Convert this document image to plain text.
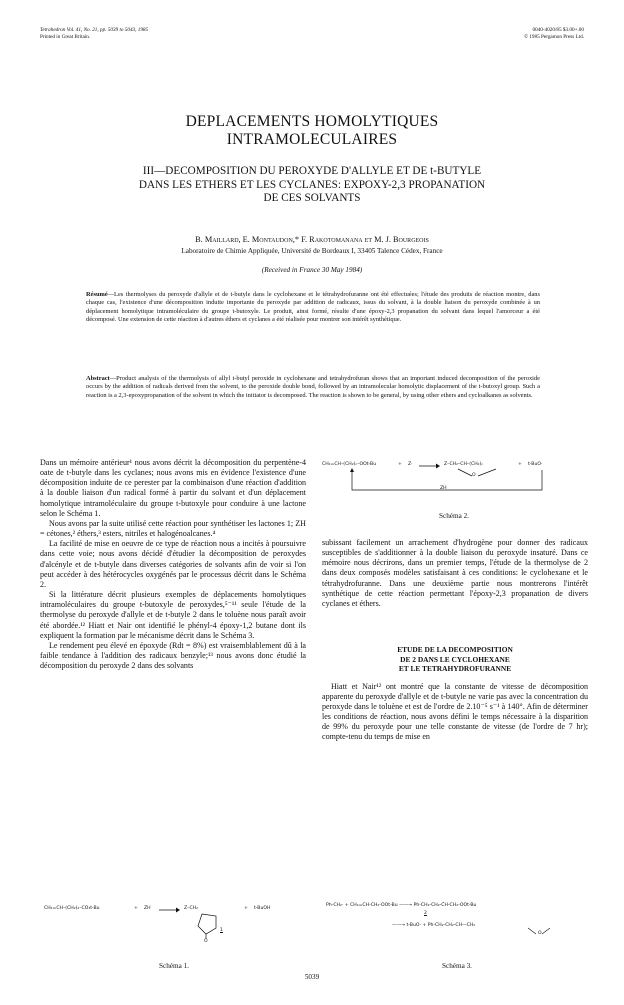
Tetrahedron Vol. 41, No. 21, pp. 5039 to 5043, 1985
Printed in Great Britain.
0040-4020/85 $3.00+.00
© 1985 Pergamon Press Ltd.
DEPLACEMENTS HOMOLYTIQUES
INTRAMOLECULAIRES
III—DECOMPOSITION DU PEROXYDE D'ALLYLE ET DE t-BUTYLE
DANS LES ETHERS ET LES CYCLANES: EXPOXY-2,3 PROPANATION
DE CES SOLVANTS
B. Maillard, E. Montaudon,* F. Rakotomanana et M. J. Bourgeois
Laboratoire de Chimie Appliquée, Université de Bordeaux I, 33405 Talence Cédex, France
(Received in France 30 May 1984)
Résumé—Les thermolyses du peroxyde d'allyle et de t-butyle dans le cyclohexane et le tétrahydrofuranne ont été effectuées; l'étude des produits de réaction montre, dans chaque cas, l'existence d'une décomposition induite importante du peroxyde par addition de radicaux, issus du solvant, à la double liaison du peroxyde combinée à un déplacement homolytique intramoléculaire du groupe t-butoxyle. Le produit, ainsi formé, résulte d'une époxy-2,3 propanation du solvant dans lequel l'amorceur a été décomposé. Une extension de cette réaction à d'autres éthers et cyclanes a été réalisée pour montrer son intérêt synthétique.
Abstract—Product analysis of the thermolysis of allyl t-butyl peroxide in cyclohexane and tetrahydrofuran shows that an important induced decomposition of the peroxide occurs by the addition of radicals derived from the solvent, to the peroxide double bond, followed by an intramolecular homolytic displacement of the t-butoxyl group. Such a reaction is a 2,3-epoxypropanation of the solvent in which the initiator is decomposed. The reaction is shown to be general, by using other ethers and cycloalkanes as solvents.

Dans un mémoire antérieur¹ nous avons décrit la décomposition du perpentène-4 oate de t-butyle dans les cyclanes; nous avons mis en évidence l'existence d'une décomposition induite de ce perester par la combinaison d'une réaction d'addition à la double liaison d'un radical formé à partir du solvant et d'un déplacement homolytique intramoléculaire du groupe t-butoxyle pour conduire à une lactone selon le Schéma 1.

Nous avons par la suite utilisé cette réaction pour synthétiser les lactones 1; ZH = cétones,² éthers,³ esters, nitriles et halogénoalcanes.⁴

La facilité de mise en oeuvre de ce type de réaction nous a incités à poursuivre dans cette voie; nous avons décidé d'étudier la décomposition de peroxydes d'alcényle et de t-butyle dans diverses catégories de solvants afin de voir si l'on peut accéder à des hétérocycles oxygénés par le processus décrit dans le Schéma 2.

Si la littérature décrit plusieurs exemples de déplacements homolytiques intramoléculaires du groupe t-butoxyle de peroxydes,⁵⁻¹¹ seule l'étude de la thermolyse du peroxyde d'allyle et de t-butyle 2 dans le toluène nous paraît avoir été abordée.¹² Hiatt et Nair ont identifié le phényl-4 époxy-1,2 butane dont ils expliquent la formation par le mécanisme décrit dans le Schéma 3.

Le rendement peu élevé en époxyde (Rdt = 8%) est vraisemblablement dû à la faible tendance à l'addition des radicaux benzyle;¹³ nous avons donc étudié la décomposition du peroxyde 2 dans des solvants

CH₂=CH–(CH₂)ₙ–OOt-Bu	+ Z·	Z–CH₂–CH–(CH₂)ₙ
O
+ t-BuO·
ZH
Schéma 2.

subissant facilement un arrachement d'hydrogène pour donner des radicaux susceptibles de s'additionner à la double liaison du peroxyde insaturé. Dans ce mémoire nous décrirons, dans un premier temps, l'étude de la thermolyse de 2 dans deux composés modèles satisfaisant à ces conditions: le cyclohexane et le tétrahydrofuranne. Dans une deuxième partie nous montrerons l'intérêt synthétique de cette réaction permettant l'époxy-2,3 propanation de divers cyclanes et éthers.

ETUDE DE LA DECOMPOSITION
DE 2 DANS LE CYCLOHEXANE
ET LE TETRAHYDROFURANNE

Hiatt et Nair¹² ont montré que la constante de vitesse de décomposition apparente du peroxyde d'allyle et de t-butyle ne varie pas avec la concentration du peroxyde dans le toluène et est de l'ordre de 2.10⁻⁵ s⁻¹ à 140°. Afin de déterminer les conditions de réaction, nous avons défini le temps nécessaire à la disparition de 99% du peroxyde pour une telle constante de vitesse (de l'ordre de 7 hr); compte-tenu du temps de mise en

CH₂=CH–(CH₂)₂–CO₃t-Bu	+ ZH	Z–CH₂
O
1
+ t-BuOH
Schéma 1.
Ph-CH₂· + CH₂=CH-CH₂-OOt-Bu ——→ Ph-CH₂-CH₂-ĊH-CH₂-OOt-Bu
2
——→ t-BuO· + Ph-CH₂-CH₂-CH—CH₂
O
Schéma 3.
5039
